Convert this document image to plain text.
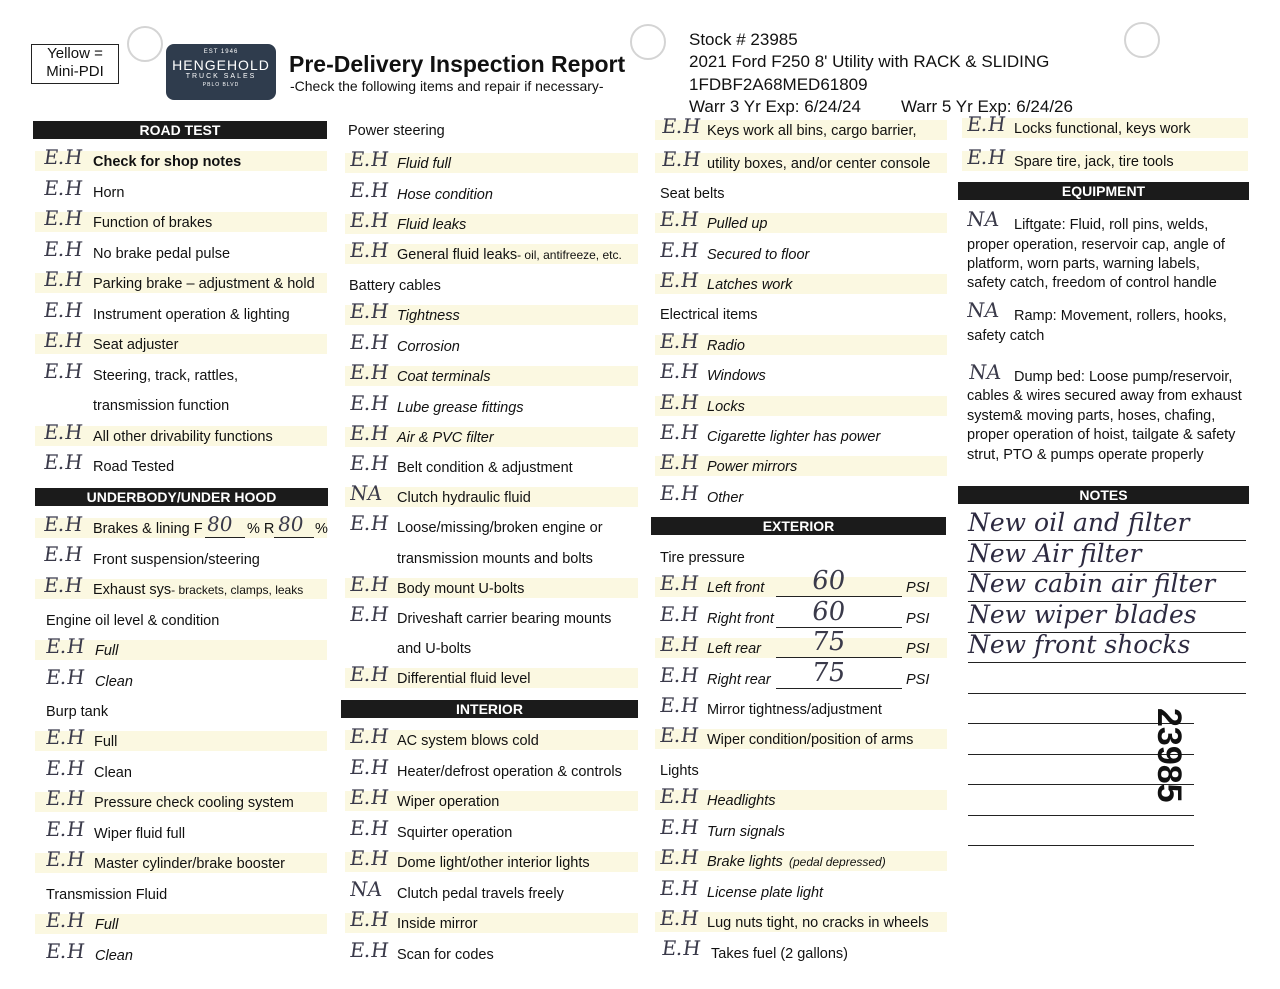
Yellow =
Mini-PDI
EST 1946
HENGEHOLD
TRUCK SALES
PBLO BLVD
Pre-Delivery Inspection Report
-Check the following items and repair if necessary-
Stock # 23985
2021 Ford F250 8' Utility with RACK & SLIDING
1FDBF2A68MED61809
Warr 3 Yr Exp: 6/24/24 Warr 5 Yr Exp: 6/24/26
ROAD TEST
E.H Check for shop notes
E.H Horn
E.H Function of brakes
E.H No brake pedal pulse
E.H Parking brake – adjustment & hold
E.H Instrument operation & lighting
E.H Seat adjuster
E.H Steering, track, rattles,
transmission function
E.H All other drivability functions
E.H Road Tested
UNDERBODY/UNDER HOOD
E.H Brakes & lining F 80 % R 80 %
E.H Front suspension/steering
E.H Exhaust sys- brackets, clamps, leaks
Engine oil level & condition
E.H Full
E.H Clean
Burp tank
E.H Full
E.H Clean
E.H Pressure check cooling system
E.H Wiper fluid full
E.H Master cylinder/brake booster
Transmission Fluid
E.H Full
E.H Clean
Power steering
E.H Fluid full
E.H Hose condition
E.H Fluid leaks
E.H General fluid leaks- oil, antifreeze, etc.
Battery cables
E.H Tightness
E.H Corrosion
E.H Coat terminals
E.H Lube grease fittings
E.H Air & PVC filter
E.H Belt condition & adjustment
NA Clutch hydraulic fluid
E.H Loose/missing/broken engine or
transmission mounts and bolts
E.H Body mount U-bolts
E.H Driveshaft carrier bearing mounts
and U-bolts
E.H Differential fluid level
INTERIOR
E.H AC system blows cold
E.H Heater/defrost operation & controls
E.H Wiper operation
E.H Squirter operation
E.H Dome light/other interior lights
NA Clutch pedal travels freely
E.H Inside mirror
E.H Scan for codes
E.H Keys work all bins, cargo barrier,
E.H utility boxes, and/or center console
Seat belts
E.H Pulled up
E.H Secured to floor
E.H Latches work
Electrical items
E.H Radio
E.H Windows
E.H Locks
E.H Cigarette lighter has power
E.H Power mirrors
E.H Other
EXTERIOR
Tire pressure
E.H Left front 60	PSI
E.H Right front 60	PSI
E.H Left rear 75	PSI
E.H Right rear 75	PSI
E.H Mirror tightness/adjustment
E.H Wiper condition/position of arms
Lights
E.H Headlights
E.H Turn signals
E.H Brake lights
E.H License plate light
(pedal depressed)
E.H Lug nuts tight, no cracks in wheels
E.H Takes fuel (2 gallons)
E.H Locks functional, keys work
E.H Spare tire, jack, tire tools
EQUIPMENT
NA Liftgate: Fluid, roll pins, welds,
proper operation, reservoir cap, angle of
platform, worn parts, warning labels,
safety catch, freedom of control handle
NA Ramp: Movement, rollers, hooks,
safety catch
NA Dump bed: Loose pump/reservoir,
cables & wires secured away from exhaust
system& moving parts, hoses, chafing,
proper operation of hoist, tailgate & safety
strut, PTO & pumps operate properly
NOTES
New oil and filter
New Air filter
New cabin air filter
New wiper blades
New front shocks
23985
